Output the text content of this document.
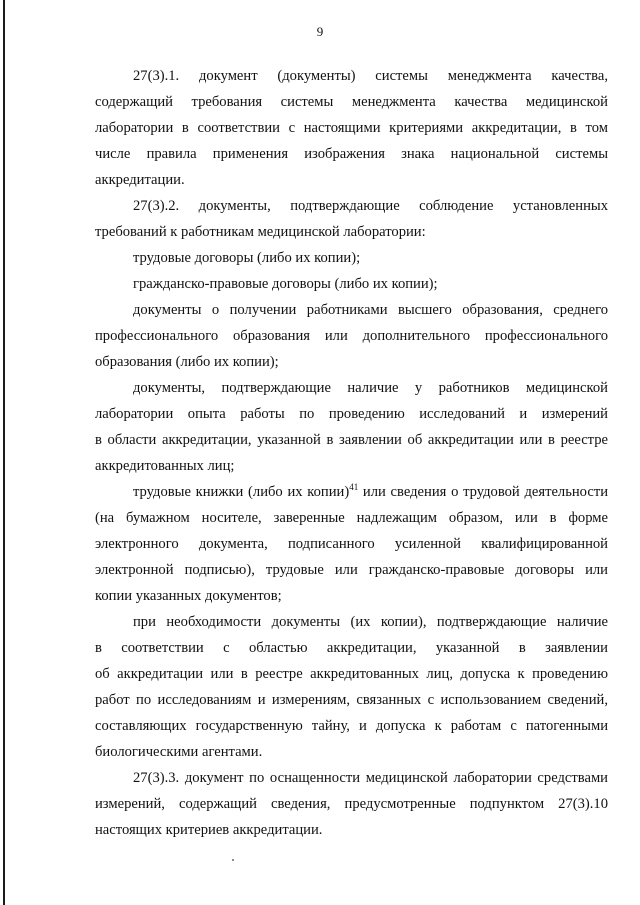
9
27(3).1. документ (документы) системы менеджмента качества,
содержащий требования системы менеджмента качества медицинской
лаборатории в соответствии с настоящими критериями аккредитации, в том
числе правила применения изображения знака национальной системы
аккредитации.
27(3).2. документы, подтверждающие соблюдение установленных
требований к работникам медицинской лаборатории:
трудовые договоры (либо их копии);
гражданско-правовые договоры (либо их копии);
документы о получении работниками высшего образования, среднего
профессионального образования или дополнительного профессионального
образования (либо их копии);
документы, подтверждающие наличие у работников медицинской
лаборатории опыта работы по проведению исследований и измерений
в области аккредитации, указанной в заявлении об аккредитации или в реестре
аккредитованных лиц;
трудовые книжки (либо их копии)$^{41}$ или сведения о трудовой деятельности
(на бумажном носителе, заверенные надлежащим образом, или в форме
электронного документа, подписанного усиленной квалифицированной
электронной подписью), трудовые или гражданско-правовые договоры или
копии указанных документов;
при необходимости документы (их копии), подтверждающие наличие
в соответствии с областью аккредитации, указанной в заявлении
об аккредитации или в реестре аккредитованных лиц, допуска к проведению
работ по исследованиям и измерениям, связанных с использованием сведений,
составляющих государственную тайну, и допуска к работам с патогенными
биологическими агентами.
27(3).3. документ по оснащенности медицинской лаборатории средствами
измерений, содержащий сведения, предусмотренные подпунктом 27(3).10
настоящих критериев аккредитации.
